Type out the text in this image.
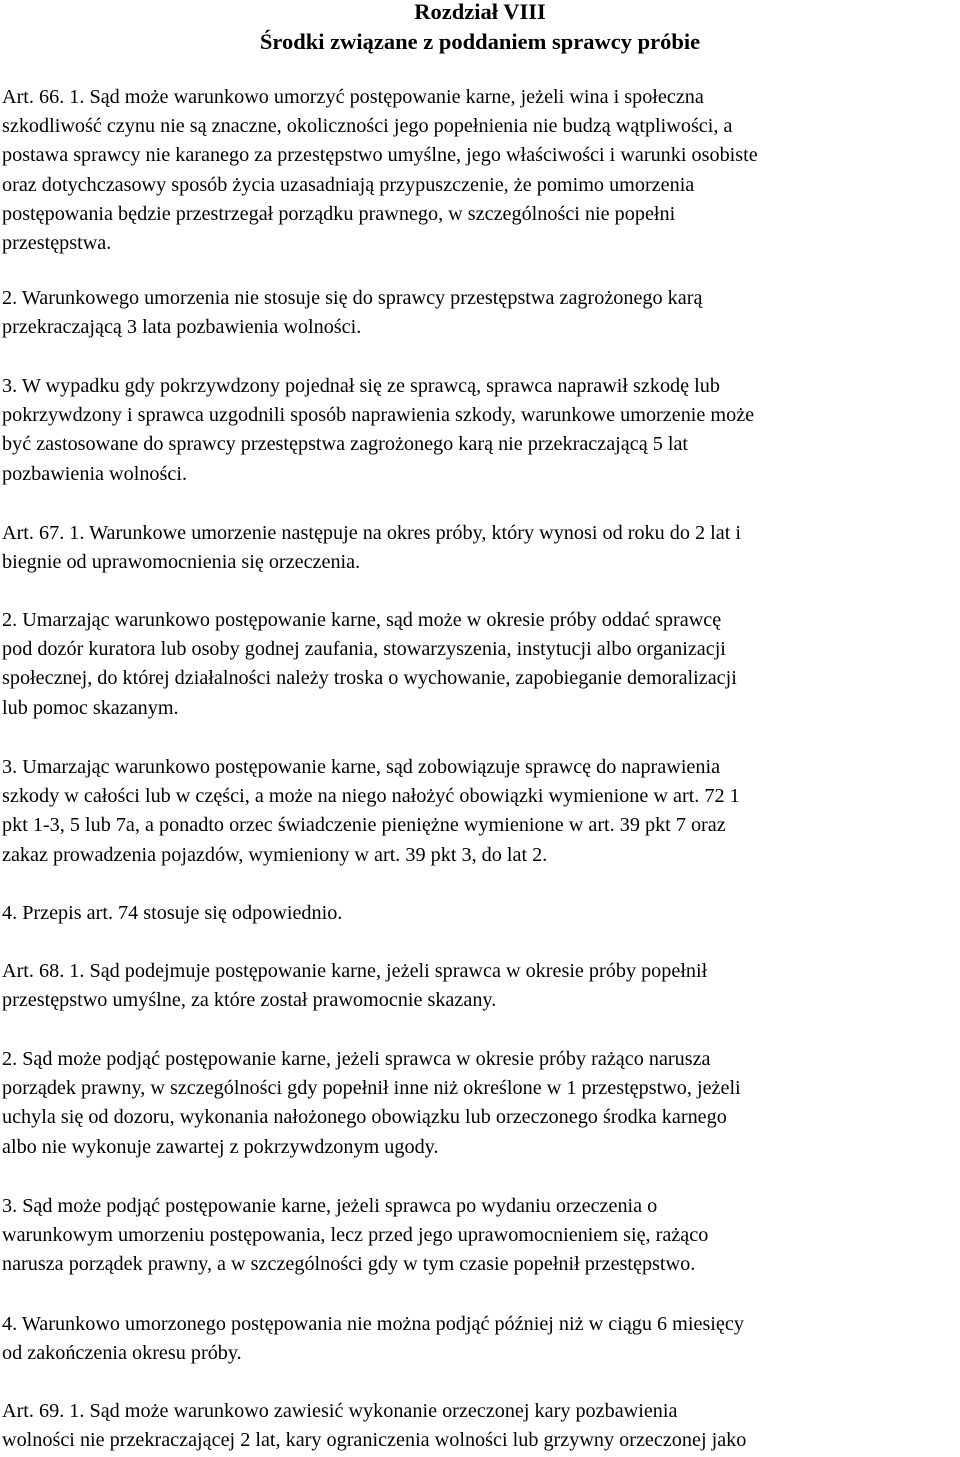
Rozdział VIII
Środki związane z poddaniem sprawcy próbie

Art. 66. 1. Sąd może warunkowo umorzyć postępowanie karne, jeżeli wina i społeczna
szkodliwość czynu nie są znaczne, okoliczności jego popełnienia nie budzą wątpliwości, a
postawa sprawcy nie karanego za przestępstwo umyślne, jego właściwości i warunki osobiste
oraz dotychczasowy sposób życia uzasadniają przypuszczenie, że pomimo umorzenia
postępowania będzie przestrzegał porządku prawnego, w szczególności nie popełni
przestępstwa.

2. Warunkowego umorzenia nie stosuje się do sprawcy przestępstwa zagrożonego karą
przekraczającą 3 lata pozbawienia wolności.

3. W wypadku gdy pokrzywdzony pojednał się ze sprawcą, sprawca naprawił szkodę lub
pokrzywdzony i sprawca uzgodnili sposób naprawienia szkody, warunkowe umorzenie może
być zastosowane do sprawcy przestępstwa zagrożonego karą nie przekraczającą 5 lat
pozbawienia wolności.

Art. 67. 1. Warunkowe umorzenie następuje na okres próby, który wynosi od roku do 2 lat i
biegnie od uprawomocnienia się orzeczenia.

2. Umarzając warunkowo postępowanie karne, sąd może w okresie próby oddać sprawcę
pod dozór kuratora lub osoby godnej zaufania, stowarzyszenia, instytucji albo organizacji
społecznej, do której działalności należy troska o wychowanie, zapobieganie demoralizacji
lub pomoc skazanym.

3. Umarzając warunkowo postępowanie karne, sąd zobowiązuje sprawcę do naprawienia
szkody w całości lub w części, a może na niego nałożyć obowiązki wymienione w art. 72 1
pkt 1-3, 5 lub 7a, a ponadto orzec świadczenie pieniężne wymienione w art. 39 pkt 7 oraz
zakaz prowadzenia pojazdów, wymieniony w art. 39 pkt 3, do lat 2.

4. Przepis art. 74 stosuje się odpowiednio.

Art. 68. 1. Sąd podejmuje postępowanie karne, jeżeli sprawca w okresie próby popełnił
przestępstwo umyślne, za które został prawomocnie skazany.

2. Sąd może podjąć postępowanie karne, jeżeli sprawca w okresie próby rażąco narusza
porządek prawny, w szczególności gdy popełnił inne niż określone w 1 przestępstwo, jeżeli
uchyla się od dozoru, wykonania nałożonego obowiązku lub orzeczonego środka karnego
albo nie wykonuje zawartej z pokrzywdzonym ugody.

3. Sąd może podjąć postępowanie karne, jeżeli sprawca po wydaniu orzeczenia o
warunkowym umorzeniu postępowania, lecz przed jego uprawomocnieniem się, rażąco
narusza porządek prawny, a w szczególności gdy w tym czasie popełnił przestępstwo.

4. Warunkowo umorzonego postępowania nie można podjąć później niż w ciągu 6 miesięcy
od zakończenia okresu próby.

Art. 69. 1. Sąd może warunkowo zawiesić wykonanie orzeczonej kary pozbawienia
wolności nie przekraczającej 2 lat, kary ograniczenia wolności lub grzywny orzeczonej jako
